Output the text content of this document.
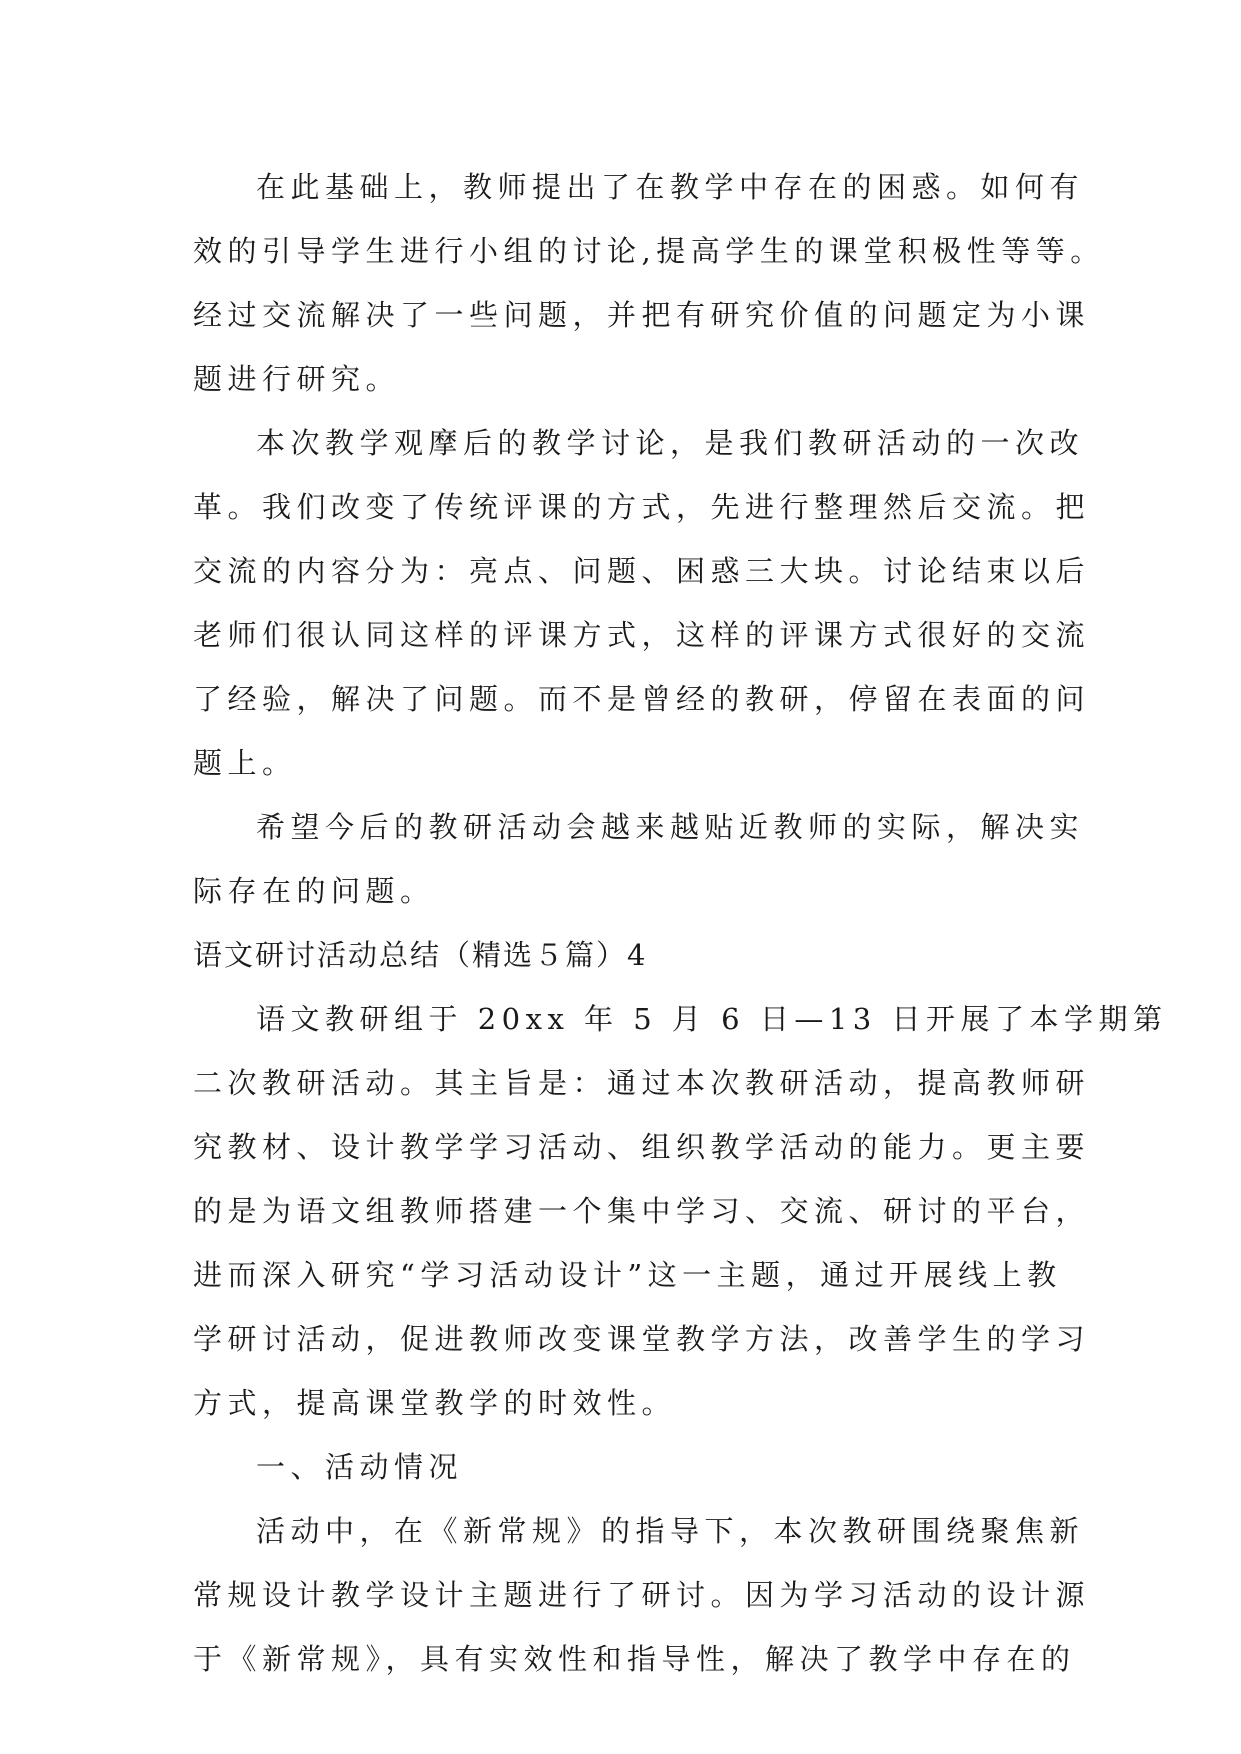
在此基础上，教师提出了在教学中存在的困惑。如何有

效的引导学生进行小组的讨论,提高学生的课堂积极性等等。

经过交流解决了一些问题，并把有研究价值的问题定为小课

题进行研究。

本次教学观摩后的教学讨论，是我们教研活动的一次改

革。我们改变了传统评课的方式，先进行整理然后交流。把

交流的内容分为：亮点、问题、困惑三大块。讨论结束以后

老师们很认同这样的评课方式，这样的评课方式很好的交流

了经验，解决了问题。而不是曾经的教研，停留在表面的问

题上。

希望今后的教研活动会越来越贴近教师的实际，解决实

际存在的问题。

语文研讨活动总结（精选５篇）4

语文教研组于 20xx 年 5 月 6 日—13 日开展了本学期第

二次教研活动。其主旨是：通过本次教研活动，提高教师研

究教材、设计教学学习活动、组织教学活动的能力。更主要

的是为语文组教师搭建一个集中学习、交流、研讨的平台，

进而深入研究“学习活动设计”这一主题，通过开展线上教

学研讨活动，促进教师改变课堂教学方法，改善学生的学习

方式，提高课堂教学的时效性。

一、活动情况

活动中，在《新常规》的指导下，本次教研围绕聚焦新

常规设计教学设计主题进行了研讨。因为学习活动的设计源

于《新常规》，具有实效性和指导性，解决了教学中存在的
